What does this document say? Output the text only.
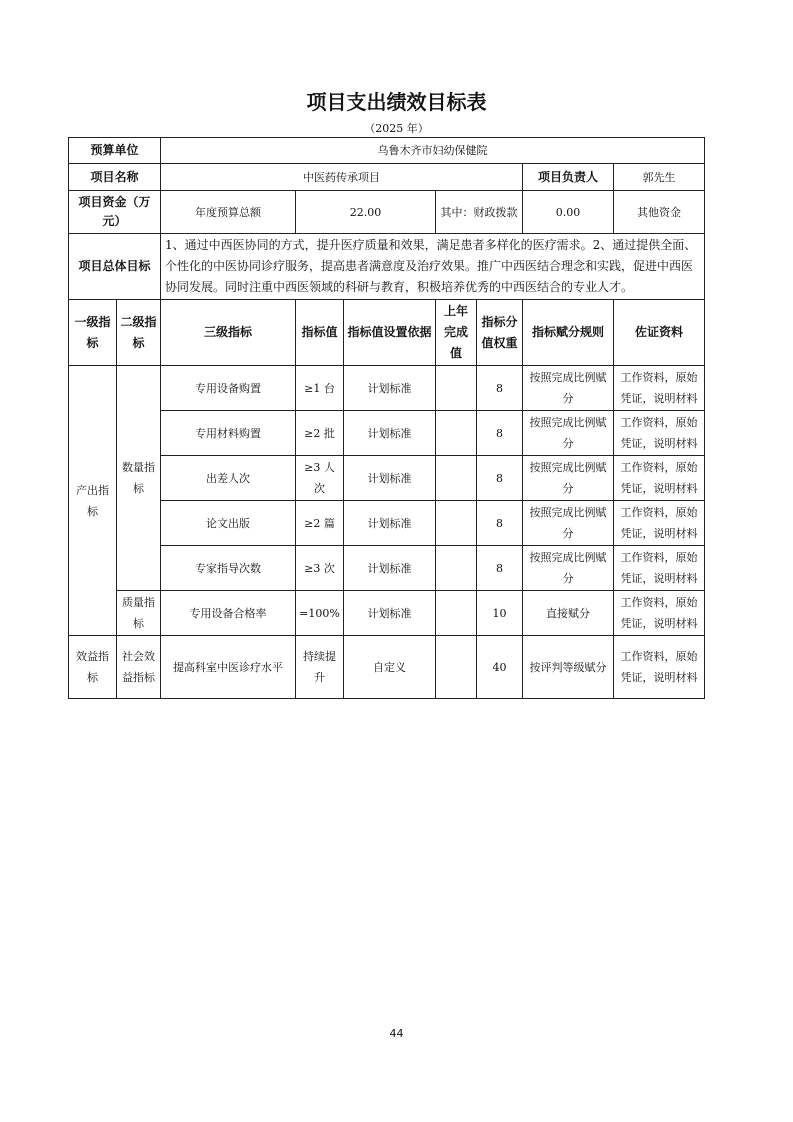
项目支出绩效目标表
（2025 年）
预算单位		乌鲁木齐市妇幼保健院						
项目名称		中医药传承项目					项目负责人	郭先生
项目资金（万元）		年度预算总额	22.00		其中：财政拨款		0.00	其他资金
项目总体目标		1、通过中西医协同的方式，提升医疗质量和效果，满足患者多样化的医疗需求。2、通过提供全面、个性化的中医协同诊疗服务，提高患者满意度及治疗效果。推广中西医结合理念和实践，促进中西医协同发展。同时注重中西医领域的科研与教育，积极培养优秀的中西医结合的专业人才。						
一级指标	二级指标	三级指标	指标值	指标值设置依据	上年完成值	指标分值权重	指标赋分规则	佐证资料
产出指标	数量指标	专用设备购置	≥1 台	计划标准		8	按照完成比例赋分	工作资料，原始凭证，说明材料
		专用材料购置	≥2 批	计划标准		8	按照完成比例赋分	工作资料，原始凭证，说明材料
		出差人次	≥3 人次	计划标准		8	按照完成比例赋分	工作资料，原始凭证，说明材料
		论文出版	≥2 篇	计划标准		8	按照完成比例赋分	工作资料，原始凭证，说明材料
		专家指导次数	≥3 次	计划标准		8	按照完成比例赋分	工作资料，原始凭证，说明材料
	质量指标	专用设备合格率	=100%	计划标准		10	直接赋分	工作资料，原始凭证，说明材料
效益指标	社会效益指标	提高科室中医诊疗水平	持续提升	自定义		40	按评判等级赋分	工作资料，原始凭证，说明材料
44
